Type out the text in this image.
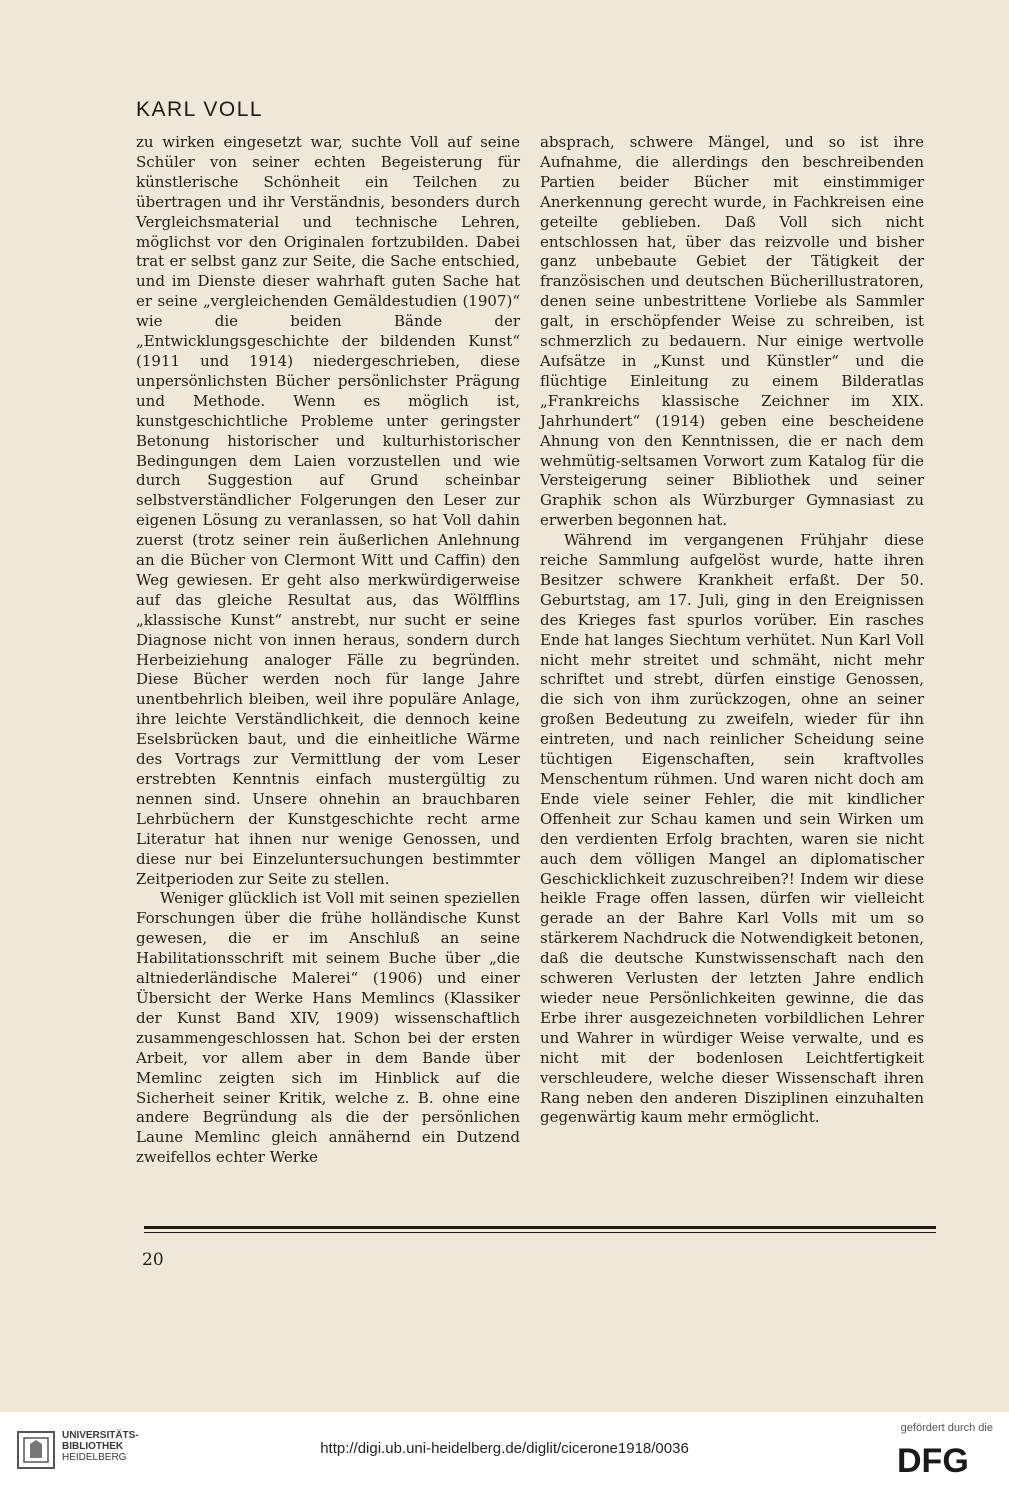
KARL VOLL

zu wirken eingesetzt war, suchte Voll auf seine Schüler von seiner echten Begeisterung für künstlerische Schönheit ein Teilchen zu übertragen und ihr Verständnis, besonders durch Vergleichsmaterial und technische Lehren, möglichst vor den Originalen fortzubilden. Dabei trat er selbst ganz zur Seite, die Sache entschied, und im Dienste dieser wahrhaft guten Sache hat er seine „vergleichenden Gemäldestudien (1907)“ wie die beiden Bände der „Entwicklungsgeschichte der bildenden Kunst“ (1911 und 1914) niedergeschrieben, diese unpersönlichsten Bücher persönlichster Prägung und Methode. Wenn es möglich ist, kunstgeschichtliche Probleme unter geringster Betonung historischer und kulturhistorischer Bedingungen dem Laien vorzustellen und wie durch Suggestion auf Grund scheinbar selbstverständlicher Folgerungen den Leser zur eigenen Lösung zu veranlassen, so hat Voll dahin zuerst (trotz seiner rein äußerlichen Anlehnung an die Bücher von Clermont Witt und Caffin) den Weg gewiesen. Er geht also merkwürdigerweise auf das gleiche Resultat aus, das Wölfflins „klassische Kunst“ anstrebt, nur sucht er seine Diagnose nicht von innen heraus, sondern durch Herbeiziehung analoger Fälle zu begründen. Diese Bücher werden noch für lange Jahre unentbehrlich bleiben, weil ihre populäre Anlage, ihre leichte Verständlichkeit, die dennoch keine Eselsbrücken baut, und die einheitliche Wärme des Vortrags zur Vermittlung der vom Leser erstrebten Kenntnis einfach mustergültig zu nennen sind. Unsere ohnehin an brauchbaren Lehrbüchern der Kunstgeschichte recht arme Literatur hat ihnen nur wenige Genossen, und diese nur bei Einzeluntersuchungen bestimmter Zeitperioden zur Seite zu stellen.

Weniger glücklich ist Voll mit seinen speziellen Forschungen über die frühe holländische Kunst gewesen, die er im Anschluß an seine Habilitationsschrift mit seinem Buche über „die altniederländische Malerei“ (1906) und einer Übersicht der Werke Hans Memlincs (Klassiker der Kunst Band XIV, 1909) wissenschaftlich zusammengeschlossen hat. Schon bei der ersten Arbeit, vor allem aber in dem Bande über Memlinc zeigten sich im Hinblick auf die Sicherheit seiner Kritik, welche z. B. ohne eine andere Begründung als die der persönlichen Laune Memlinc gleich annähernd ein Dutzend zweifellos echter Werke

absprach, schwere Mängel, und so ist ihre Aufnahme, die allerdings den beschreibenden Partien beider Bücher mit einstimmiger Anerkennung gerecht wurde, in Fachkreisen eine geteilte geblieben. Daß Voll sich nicht entschlossen hat, über das reizvolle und bisher ganz unbebaute Gebiet der Tätigkeit der französischen und deutschen Bücherillustratoren, denen seine unbestrittene Vorliebe als Sammler galt, in erschöpfender Weise zu schreiben, ist schmerzlich zu bedauern. Nur einige wertvolle Aufsätze in „Kunst und Künstler“ und die flüchtige Einleitung zu einem Bilderatlas „Frankreichs klassische Zeichner im XIX. Jahrhundert“ (1914) geben eine bescheidene Ahnung von den Kenntnissen, die er nach dem wehmütig-seltsamen Vorwort zum Katalog für die Versteigerung seiner Bibliothek und seiner Graphik schon als Würzburger Gymnasiast zu erwerben begonnen hat.

Während im vergangenen Frühjahr diese reiche Sammlung aufgelöst wurde, hatte ihren Besitzer schwere Krankheit erfaßt. Der 50. Geburtstag, am 17. Juli, ging in den Ereignissen des Krieges fast spurlos vorüber. Ein rasches Ende hat langes Siechtum verhütet. Nun Karl Voll nicht mehr streitet und schmäht, nicht mehr schriftet und strebt, dürfen einstige Genossen, die sich von ihm zurückzogen, ohne an seiner großen Bedeutung zu zweifeln, wieder für ihn eintreten, und nach reinlicher Scheidung seine tüchtigen Eigenschaften, sein kraftvolles Menschentum rühmen. Und waren nicht doch am Ende viele seiner Fehler, die mit kindlicher Offenheit zur Schau kamen und sein Wirken um den verdienten Erfolg brachten, waren sie nicht auch dem völligen Mangel an diplomatischer Geschicklichkeit zuzuschreiben?! Indem wir diese heikle Frage offen lassen, dürfen wir vielleicht gerade an der Bahre Karl Volls mit um so stärkerem Nachdruck die Notwendigkeit betonen, daß die deutsche Kunstwissenschaft nach den schweren Verlusten der letzten Jahre endlich wieder neue Persönlichkeiten gewinne, die das Erbe ihrer ausgezeichneten vorbildlichen Lehrer und Wahrer in würdiger Weise verwalte, und es nicht mit der bodenlosen Leichtfertigkeit verschleudere, welche dieser Wissenschaft ihren Rang neben den anderen Disziplinen einzuhalten gegenwärtig kaum mehr ermöglicht.

20
UNIVERSITÄTS-
BIBLIOTHEK
HEIDELBERG
http://digi.ub.uni-heidelberg.de/diglit/cicerone1918/0036
gefördert durch die
DFG
